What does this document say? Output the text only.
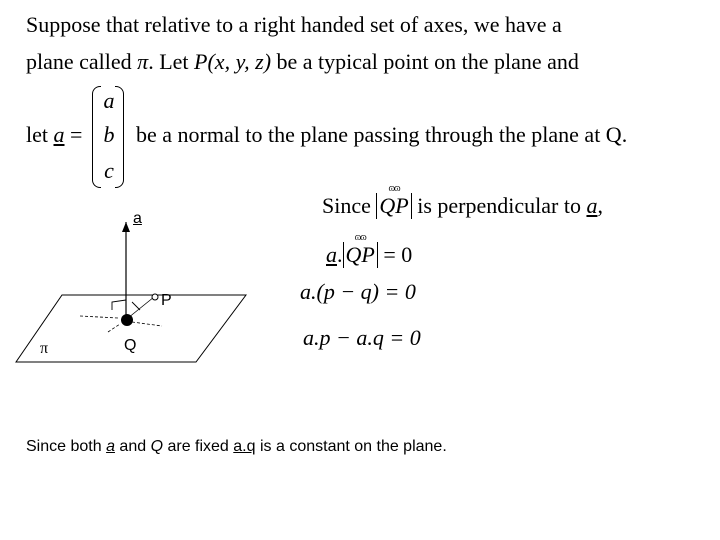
Suppose that relative to a right handed set of axes, we have a
plane called π. Let P(x, y, z) be a typical point on the plane and
let a =
a
b
c
be a normal to the plane passing through the plane at Q.
a
P
Q
π
Since
ɷɷ
QP is perpendicular to a,
a.
ɷɷ
QP = 0
a.(p − q) = 0
a.p − a.q = 0
Since both a and Q are fixed a.q is a constant on the plane.
